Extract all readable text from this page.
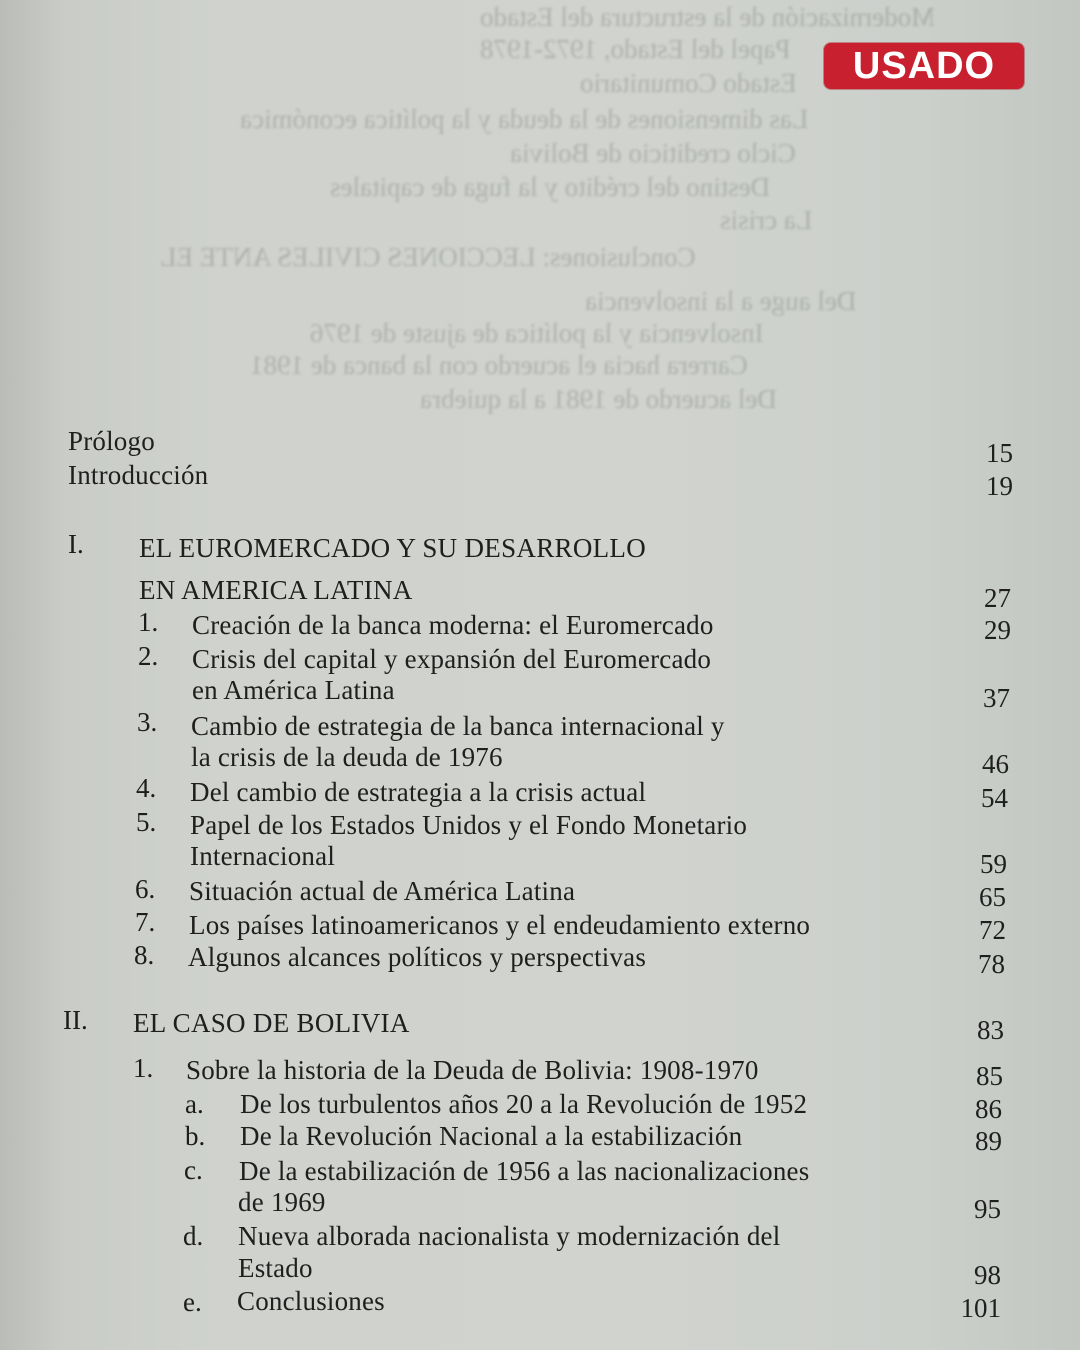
Modernización de la estructura del Estado
Papel del Estado, 1972-1978
Estado Comunitario
Las dimensiones de la deuda y la política económica
Ciclo crediticio de Bolivia
Destino del crédito y la fuga de capitales
La crisis
Conclusiones: LECCIONES CIVILES ANTE EL
Del auge a la insolvencia
Insolvencia y la política de ajuste de 1976
Carrera hacia el acuerdo con la banca de 1981
Del acuerdo de 1981 a la quiebra
USADO
Prólogo	15
Introducción	19
I. EL EUROMERCADO Y SU DESARROLLO
EN AMERICA LATINA	27
1. Creación de la banca moderna: el Euromercado	29
2. Crisis del capital y expansión del Euromercado
en América Latina	37
3. Cambio de estrategia de la banca internacional y
la crisis de la deuda de 1976	46
4. Del cambio de estrategia a la crisis actual	54
5. Papel de los Estados Unidos y el Fondo Monetario
Internacional	59
6. Situación actual de América Latina	65
7. Los países latinoamericanos y el endeudamiento externo	72
8. Algunos alcances políticos y perspectivas	78
II. EL CASO DE BOLIVIA	83
1. Sobre la historia de la Deuda de Bolivia: 1908-1970	85
a. De los turbulentos años 20 a la Revolución de 1952	86
b. De la Revolución Nacional a la estabilización	89
c. De la estabilización de 1956 a las nacionalizaciones
de 1969	95
d. Nueva alborada nacionalista y modernización del
Estado	98
e. Conclusiones	101
